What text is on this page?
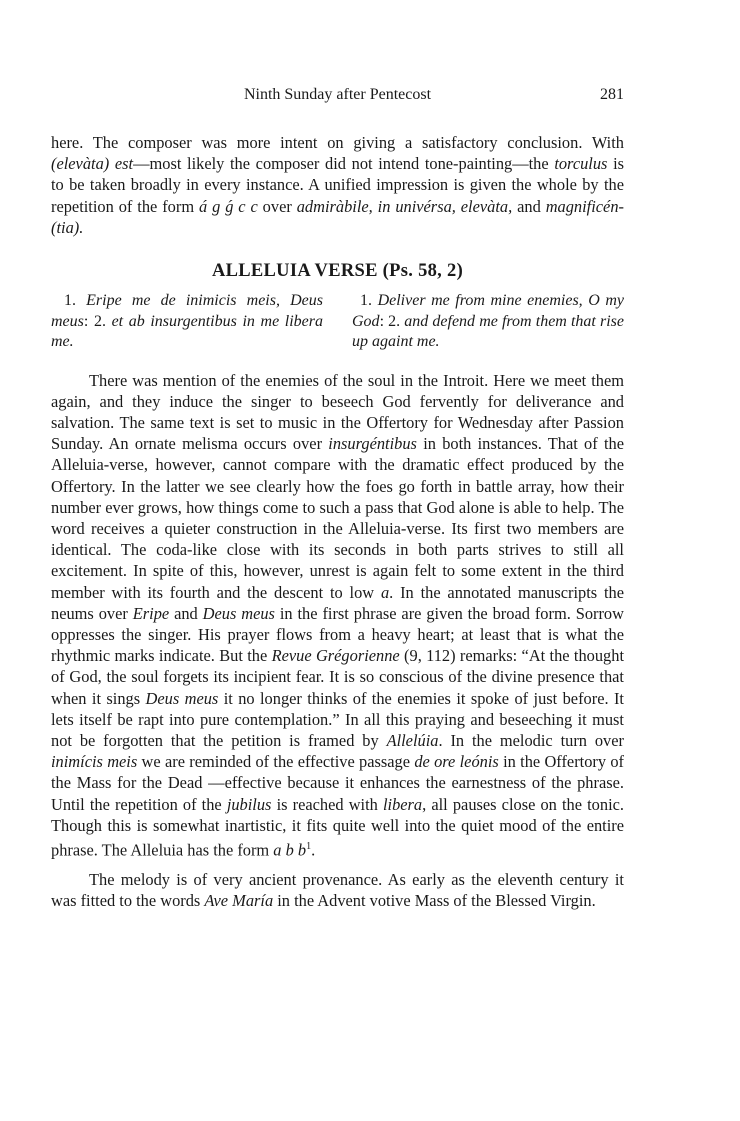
Ninth Sunday after Pentecost	281

here. The composer was more intent on giving a satisfactory conclusion. With (elevàta) est—most likely the composer did not intend tone-painting—the torculus is to be taken broadly in every instance. A unified impression is given the whole by the repetition of the form á g ǵ c c over admiràbile, in univérsa, elevàta, and magnificén-(tia).

ALLELUIA VERSE (Ps. 58, 2)
1. Eripe me de inimicis meis, Deus meus: 2. et ab insurgentibus in me libera me.
1. Deliver me from mine enemies, O my God: 2. and defend me from them that rise up againt me.

There was mention of the enemies of the soul in the Introit. Here we meet them again, and they induce the singer to beseech God fervently for deliverance and salvation. The same text is set to music in the Offertory for Wednesday after Passion Sunday. An ornate melisma occurs over insurgéntibus in both instances. That of the Alleluia-verse, however, cannot compare with the dramatic effect produced by the Offertory. In the latter we see clearly how the foes go forth in battle array, how their number ever grows, how things come to such a pass that God alone is able to help. The word receives a quieter construction in the Alleluia-verse. Its first two members are identical. The coda-like close with its seconds in both parts strives to still all excitement. In spite of this, however, unrest is again felt to some extent in the third member with its fourth and the descent to low a. In the annotated manuscripts the neums over Eripe and Deus meus in the first phrase are given the broad form. Sorrow oppresses the singer. His prayer flows from a heavy heart; at least that is what the rhythmic marks indicate. But the Revue Grégorienne (9, 112) remarks: “At the thought of God, the soul forgets its incipient fear. It is so conscious of the divine presence that when it sings Deus meus it no longer thinks of the enemies it spoke of just before. It lets itself be rapt into pure contemplation.” In all this praying and beseeching it must not be forgotten that the petition is framed by Allelúia. In the melodic turn over inimícis meis we are reminded of the effective passage de ore leónis in the Offertory of the Mass for the Dead —effective because it enhances the earnestness of the phrase. Until the repetition of the jubilus is reached with libera, all pauses close on the tonic. Though this is somewhat inartistic, it fits quite well into the quiet mood of the entire phrase. The Alleluia has the form a b $b^1$.

The melody is of very ancient provenance. As early as the eleventh century it was fitted to the words Ave María in the Advent votive Mass of the Blessed Virgin.
